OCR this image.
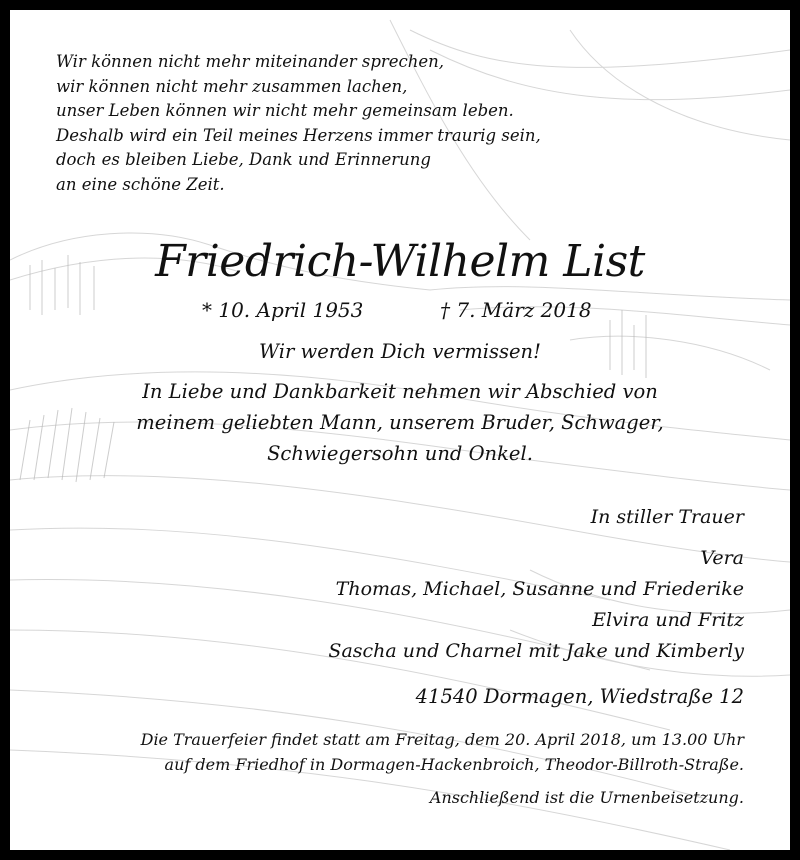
Wir können nicht mehr miteinander sprechen,
wir können nicht mehr zusammen lachen,
unser Leben können wir nicht mehr gemeinsam leben.
Deshalb wird ein Teil meines Herzens immer traurig sein,
doch es bleiben Liebe, Dank und Erinnerung
an eine schöne Zeit.
Friedrich-Wilhelm List
* 10. April 1953	† 7. März 2018
Wir werden Dich vermissen!
In Liebe und Dankbarkeit nehmen wir Abschied von
meinem geliebten Mann, unserem Bruder, Schwager,
Schwiegersohn und Onkel.
In stiller Trauer
Vera
Thomas, Michael, Susanne und Friederike
Elvira und Fritz
Sascha und Charnel mit Jake und Kimberly
41540 Dormagen, Wiedstraße 12
Die Trauerfeier findet statt am Freitag, dem 20. April 2018, um 13.00 Uhr
auf dem Friedhof in Dormagen-Hackenbroich, Theodor-Billroth-Straße.
Anschließend ist die Urnenbeisetzung.
